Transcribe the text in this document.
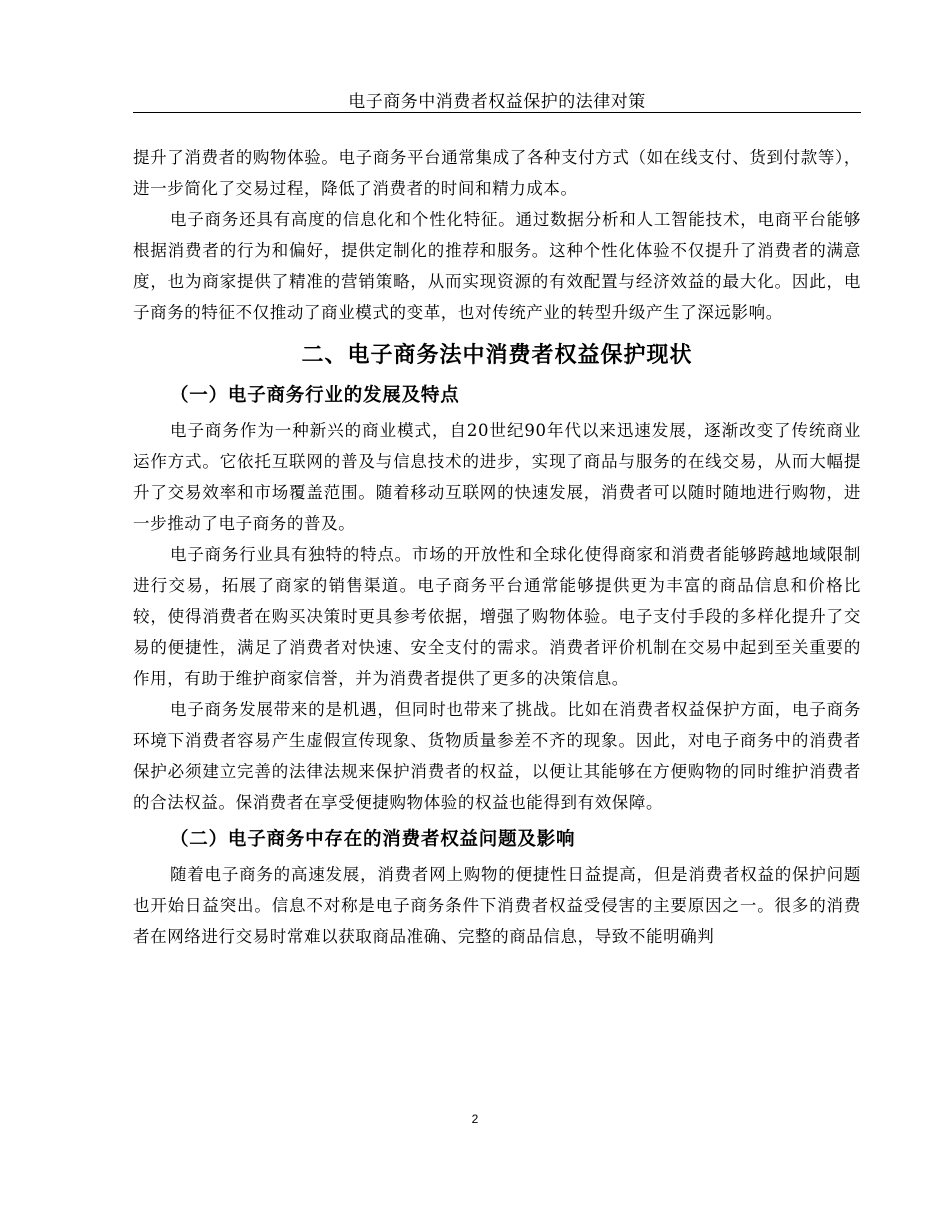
电子商务中消费者权益保护的法律对策

提升了消费者的购物体验。电子商务平台通常集成了各种支付方式（如在线支付、货到付款等），进一步简化了交易过程，降低了消费者的时间和精力成本。

电子商务还具有高度的信息化和个性化特征。通过数据分析和人工智能技术，电商平台能够根据消费者的行为和偏好，提供定制化的推荐和服务。这种个性化体验不仅提升了消费者的满意度，也为商家提供了精准的营销策略，从而实现资源的有效配置与经济效益的最大化。因此，电子商务的特征不仅推动了商业模式的变革，也对传统产业的转型升级产生了深远影响。

二、电子商务法中消费者权益保护现状
（一）电子商务行业的发展及特点

电子商务作为一种新兴的商业模式，自20世纪90年代以来迅速发展，逐渐改变了传统商业运作方式。它依托互联网的普及与信息技术的进步，实现了商品与服务的在线交易，从而大幅提升了交易效率和市场覆盖范围。随着移动互联网的快速发展，消费者可以随时随地进行购物，进一步推动了电子商务的普及。

电子商务行业具有独特的特点。市场的开放性和全球化使得商家和消费者能够跨越地域限制进行交易，拓展了商家的销售渠道。电子商务平台通常能够提供更为丰富的商品信息和价格比较，使得消费者在购买决策时更具参考依据，增强了购物体验。电子支付手段的多样化提升了交易的便捷性，满足了消费者对快速、安全支付的需求。消费者评价机制在交易中起到至关重要的作用，有助于维护商家信誉，并为消费者提供了更多的决策信息。

电子商务发展带来的是机遇，但同时也带来了挑战。比如在消费者权益保护方面，电子商务环境下消费者容易产生虚假宣传现象、货物质量参差不齐的现象。因此，对电子商务中的消费者保护必须建立完善的法律法规来保护消费者的权益，以便让其能够在方便购物的同时维护消费者的合法权益。保消费者在享受便捷购物体验的权益也能得到有效保障。

（二）电子商务中存在的消费者权益问题及影响

随着电子商务的高速发展，消费者网上购物的便捷性日益提高，但是消费者权益的保护问题也开始日益突出。信息不对称是电子商务条件下消费者权益受侵害的主要原因之一。很多的消费者在网络进行交易时常难以获取商品准确、完整的商品信息，导致不能明确判

2
